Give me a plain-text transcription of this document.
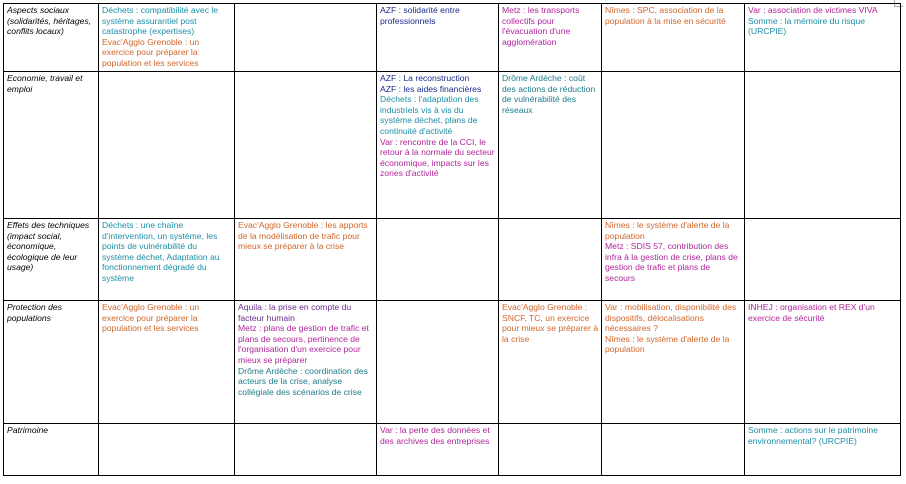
Aspects sociaux (solidarités, héritages, conflits locaux)	Déchets : compatibilité avec le système assurantiel post catastrophe (expertises)
Evac'Agglo Grenoble : un exercice pour préparer la population et les services		AZF : solidarité entre professionnels	Metz : les transports collectifs pour l'évacuation d'une agglomération	Nîmes : SPC, association de la population à la mise en sécurité	Var : association de victimes VIVA
Somme : la mémoire du risque (URCPIE)

Economie, travail et emploi			AZF : La reconstruction
AZF : les aides financières
Déchets : l'adaptation des industriels vis à vis du système déchet, plans de continuité d'activité
Var : rencontre de la CCI, le retour à la normale du secteur économique, impacts sur les zones d'activité	Drôme Ardèche : coût des actions de réduction de vulnérabilité des réseaux		

Effets des techniques (impact social, économique, écologique de leur usage)	Déchets : une chaîne d'intervention, un système, les points de vulnérabilité du système déchet, Adaptation au fonctionnement dégradé du système	Evac'Agglo Grenoble : les apports de la modélisation de trafic pour mieux se préparer à la crise			Nîmes : le système d'alerte de la population
Metz : SDIS 57, contribution des infra à la gestion de crise, plans de gestion de trafic et plans de secours	

Protection des populations	Evac'Agglo Grenoble : un exercice pour préparer la population et les services	Aquila : la prise en compte du facteur humain
Metz : plans de gestion de trafic et plans de secours, pertinence de l'organisation d'un exercice pour mieux se préparer
Drôme Ardèche : coordination des acteurs de la crise, analyse collégiale des scénarios de crise		Evac'Agglo Grenoble : SNCF, TC, un exercice pour mieux se préparer à la crise	Var : mobilisation, disponibilité des dispositifs, délocalisations nécessaires ?
Nîmes : le système d'alerte de la population	INHEJ : organisation et REX d'un exercice de sécurité

Patrimoine			Var : la perte des données et des archives des entreprises			Somme : actions sur le patrimoine environnemental? (URCPIE)
